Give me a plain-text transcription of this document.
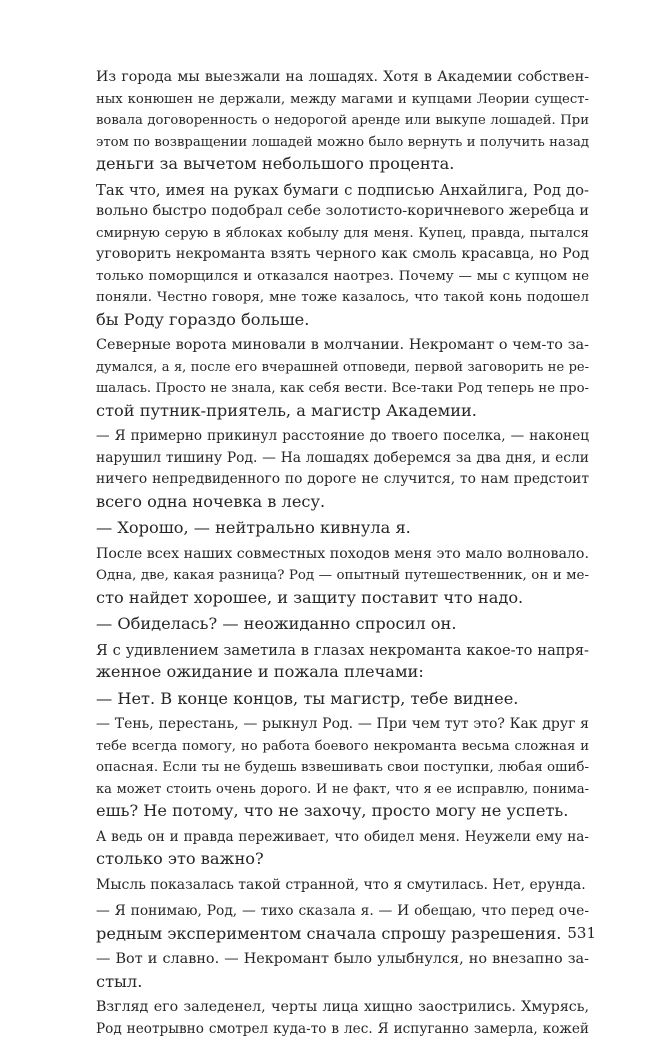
Из города мы выезжали на лошадях. Хотя в Академии собствен-
ных конюшен не держали, между магами и купцами Леории сущест-
вовала договоренность о недорогой аренде или выкупе лошадей. При
этом по возвращении лошадей можно было вернуть и получить назад
деньги за вычетом небольшого процента.
Так что, имея на руках бумаги с подписью Анхайлига, Род до-
вольно быстро подобрал себе золотисто-коричневого жеребца и
смирную серую в яблоках кобылу для меня. Купец, правда, пытался
уговорить некроманта взять черного как смоль красавца, но Род
только поморщился и отказался наотрез. Почему — мы с купцом не
поняли. Честно говоря, мне тоже казалось, что такой конь подошел
бы Роду гораздо больше.
Северные ворота миновали в молчании. Некромант о чем-то за-
думался, а я, после его вчерашней отповеди, первой заговорить не ре-
шалась. Просто не знала, как себя вести. Все-таки Род теперь не про-
стой путник-приятель, а магистр Академии.
— Я примерно прикинул расстояние до твоего поселка, — наконец
нарушил тишину Род. — На лошадях доберемся за два дня, и если
ничего непредвиденного по дороге не случится, то нам предстоит
всего одна ночевка в лесу.
— Хорошо, — нейтрально кивнула я.
После всех наших совместных походов меня это мало волновало.
Одна, две, какая разница? Род — опытный путешественник, он и ме-
сто найдет хорошее, и защиту поставит что надо.
— Обиделась? — неожиданно спросил он.
Я с удивлением заметила в глазах некроманта какое-то напря-
женное ожидание и пожала плечами:
— Нет. В конце концов, ты магистр, тебе виднее.
— Тень, перестань, — рыкнул Род. — При чем тут это? Как друг я
тебе всегда помогу, но работа боевого некроманта весьма сложная и
опасная. Если ты не будешь взвешивать свои поступки, любая ошиб-
ка может стоить очень дорого. И не факт, что я ее исправлю, понима-
ешь? Не потому, что не захочу, просто могу не успеть.
А ведь он и правда переживает, что обидел меня. Неужели ему на-
столько это важно?
Мысль показалась такой странной, что я смутилась. Нет, ерунда.
— Я понимаю, Род, — тихо сказала я. — И обещаю, что перед оче-
редным экспериментом сначала спрошу разрешения.
— Вот и славно. — Некромант было улыбнулся, но внезапно за-
стыл.
Взгляд его заледенел, черты лица хищно заострились. Хмурясь,
Род неотрывно смотрел куда-то в лес. Я испуганно замерла, кожей
531
